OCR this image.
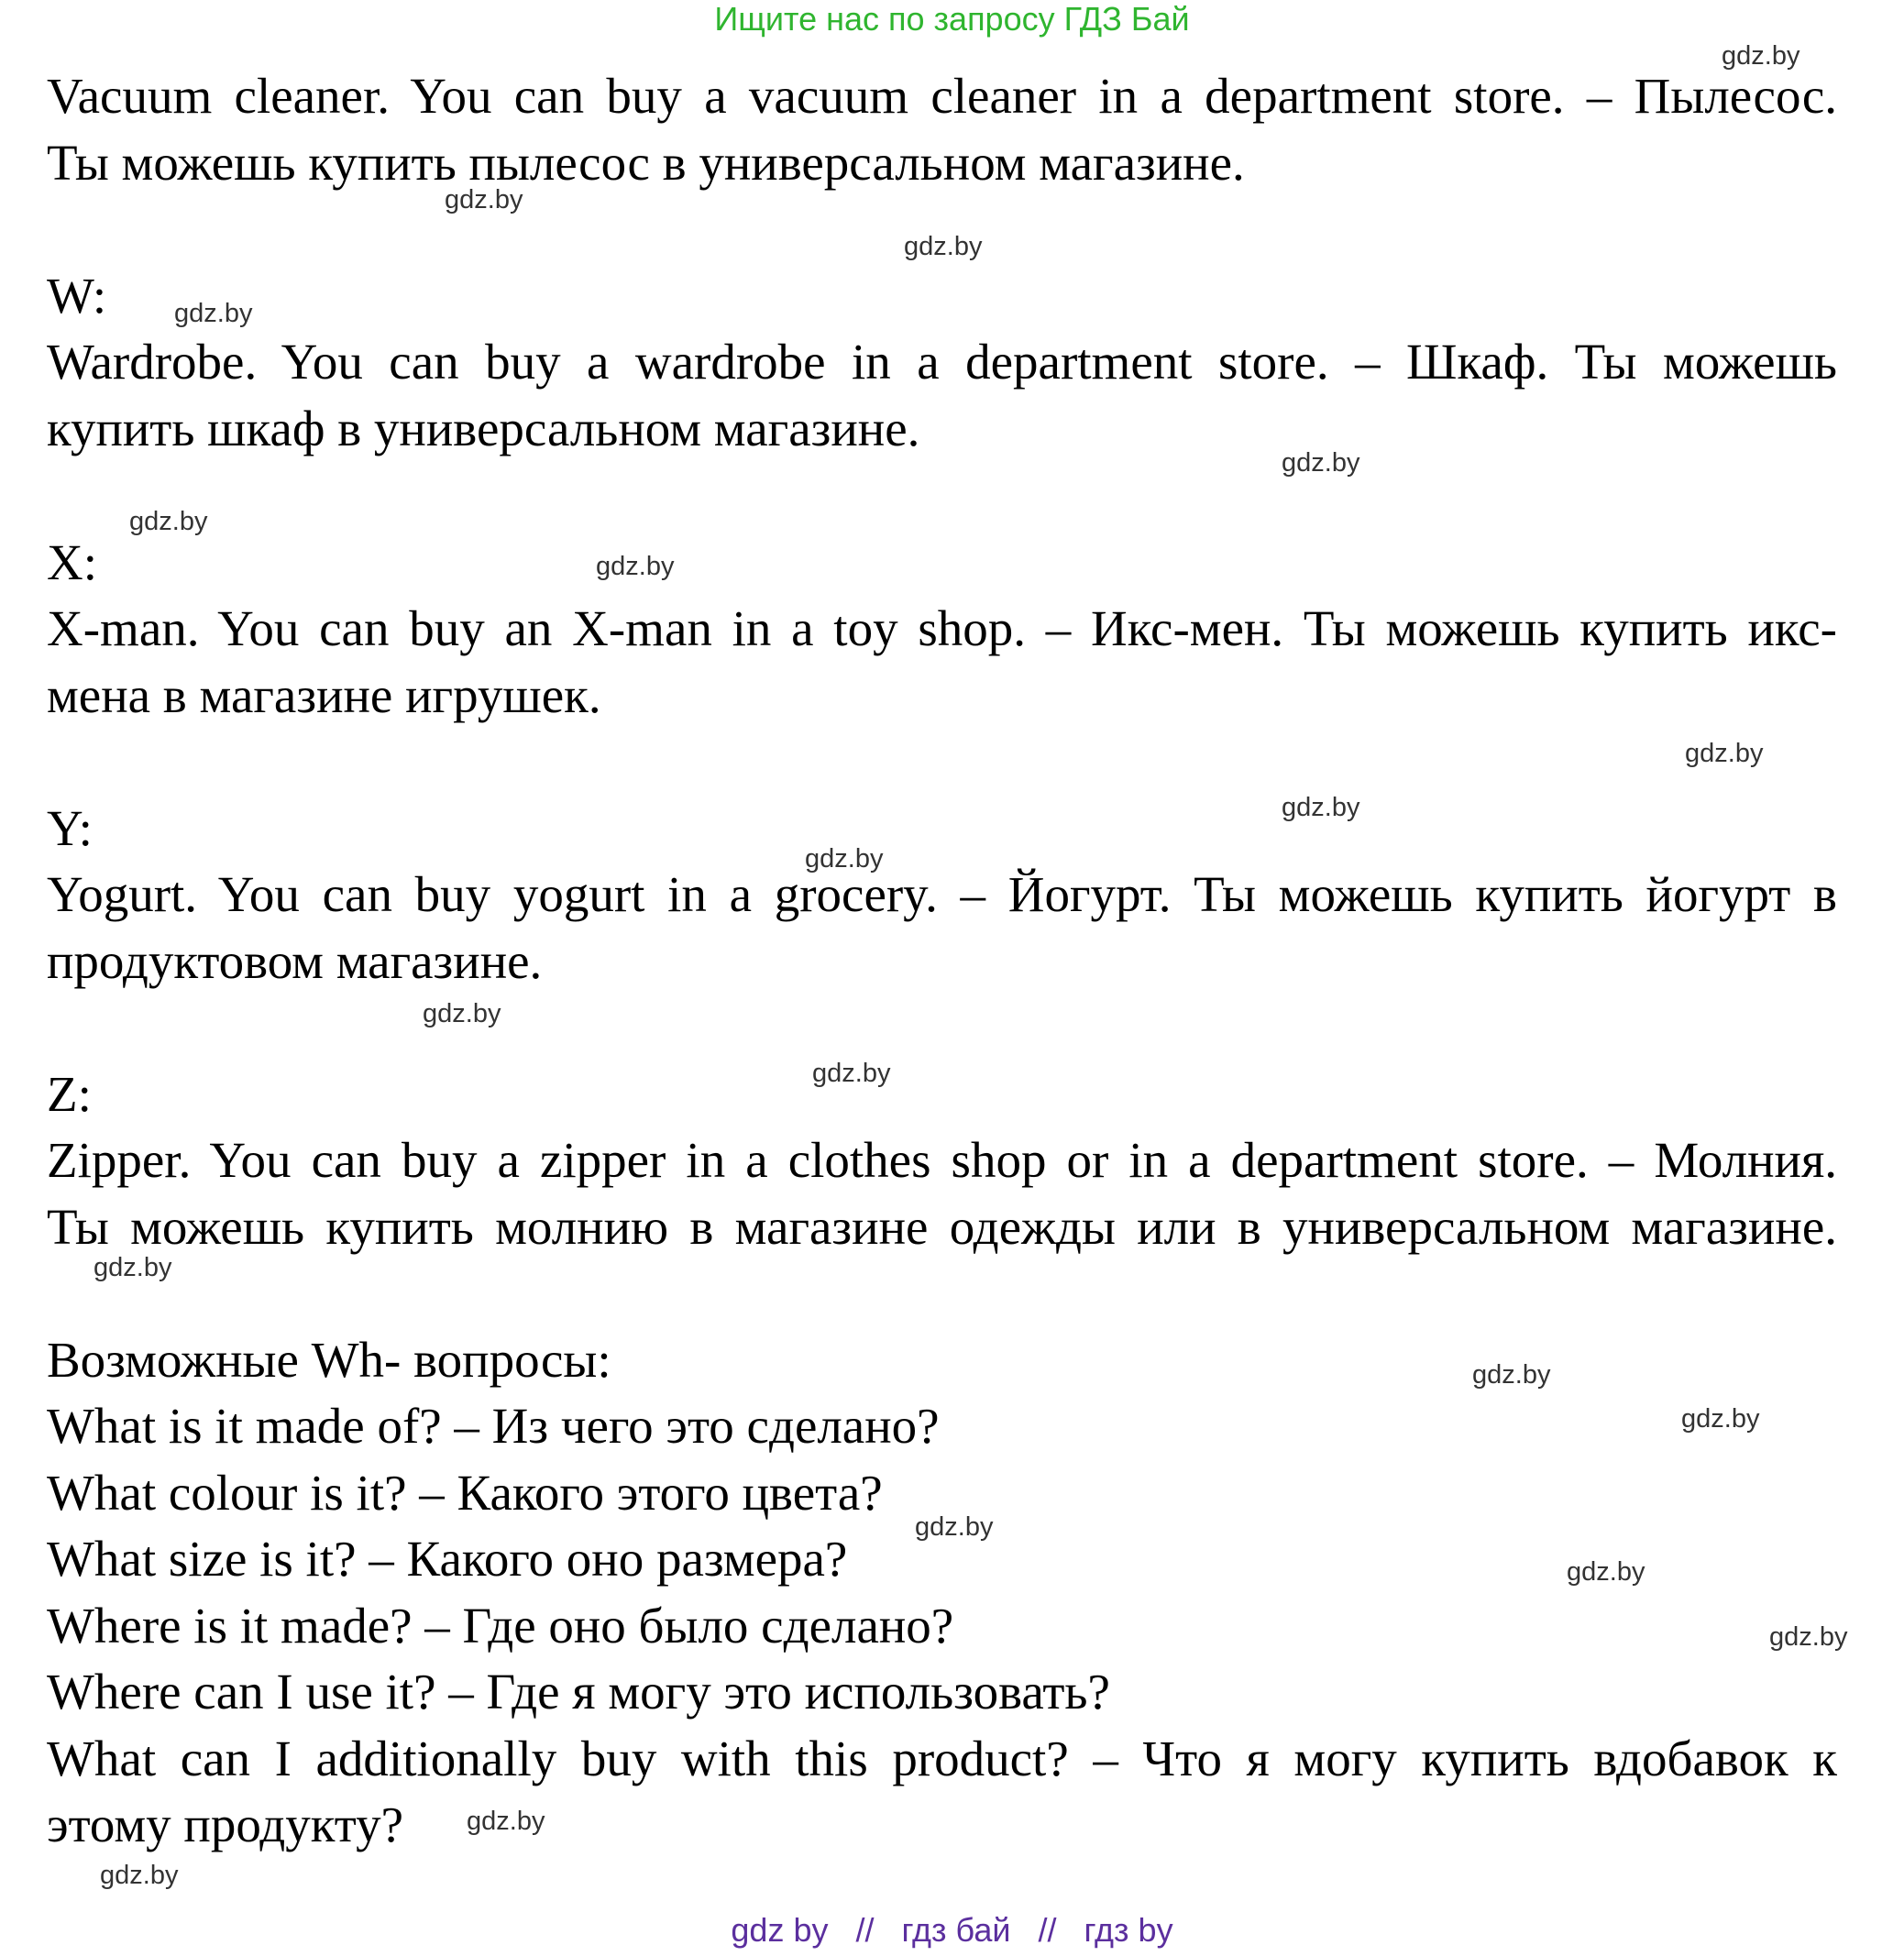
Ищите нас по запросу ГДЗ Бай
Vacuum cleaner. You can buy a vacuum cleaner in a department store. – Пылесос.
Ты можешь купить пылесос в универсальном магазине.
W:
Wardrobe. You can buy a wardrobe in a department store. – Шкаф. Ты можешь
купить шкаф в универсальном магазине.
X:
X-man. You can buy an X-man in a toy shop. – Икс-мен. Ты можешь купить икс-
мена в магазине игрушек.
Y:
Yogurt. You can buy yogurt in a grocery. – Йогурт. Ты можешь купить йогурт в
продуктовом магазине.
Z:
Zipper. You can buy a zipper in a clothes shop or in a department store. – Молния.
Ты можешь купить молнию в магазине одежды или в универсальном магазине.
Возможные Wh- вопросы:
What is it made of? – Из чего это сделано?
What colour is it? – Какого этого цвета?
What size is it? – Какого оно размера?
Where is it made? – Где оно было сделано?
Where can I use it? – Где я могу это использовать?
What can I additionally buy with this product? – Что я могу купить вдобавок к
этому продукту?
gdz.by
gdz.by
gdz.by
gdz.by
gdz.by
gdz.by
gdz.by
gdz.by
gdz.by
gdz.by
gdz.by
gdz.by
gdz.by
gdz.by
gdz.by
gdz.by
gdz.by
gdz.by
gdz.by
gdz.by
gdz by // гдз бай // гдз by
